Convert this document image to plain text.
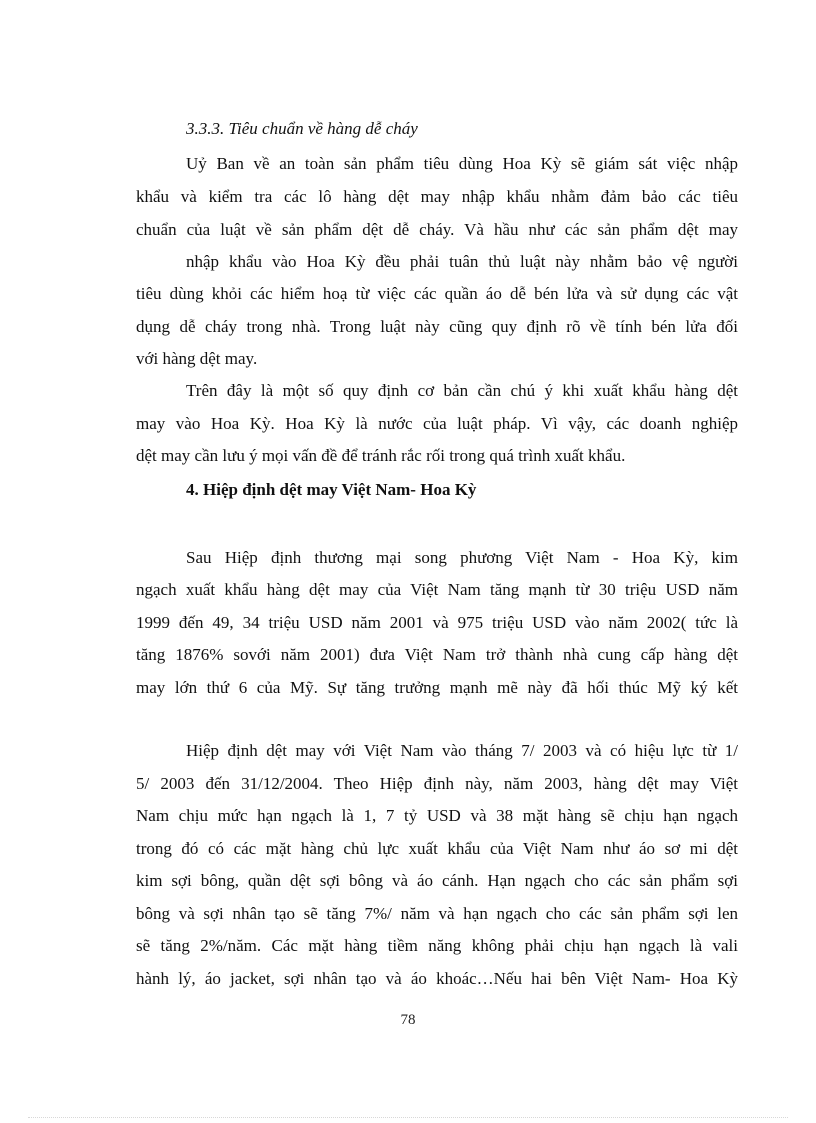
3.3.3. Tiêu chuẩn về hàng dễ cháy
Uỷ Ban về an toàn sản phẩm tiêu dùng Hoa Kỳ sẽ giám sát việc nhập
khẩu và kiểm tra các lô hàng dệt may nhập khẩu nhằm đảm bảo các tiêu
chuẩn của luật về sản phẩm dệt dễ cháy. Và hầu như các sản phẩm dệt may
nhập khẩu vào Hoa Kỳ đều phải tuân thủ luật này nhằm bảo vệ người
tiêu dùng khỏi các hiểm hoạ từ việc các quần áo dễ bén lửa và sử dụng các vật
dụng dễ cháy trong nhà. Trong luật này cũng quy định rõ về tính bén lửa đối
với hàng dệt may.
Trên đây là một số quy định cơ bản cần chú ý khi xuất khẩu hàng dệt
may vào Hoa Kỳ. Hoa Kỳ là nước của luật pháp. Vì vậy, các doanh nghiệp
dệt may cần lưu ý mọi vấn đề để tránh rắc rối trong quá trình xuất khẩu.
4. Hiệp định dệt may Việt Nam- Hoa Kỳ
Sau Hiệp định thương mại song phương Việt Nam - Hoa Kỳ, kim
ngạch xuất khẩu hàng dệt may của Việt Nam tăng mạnh từ 30 triệu USD năm
1999 đến 49, 34 triệu USD năm 2001 và 975 triệu USD vào năm 2002( tức là
tăng 1876% sovới năm 2001) đưa Việt Nam trở thành nhà cung cấp hàng dệt
may lớn thứ 6 của Mỹ. Sự tăng trưởng mạnh mẽ này đã hối thúc Mỹ ký kết
Hiệp định dệt may với Việt Nam vào tháng 7/ 2003 và có hiệu lực từ 1/
5/ 2003 đến 31/12/2004. Theo Hiệp định này, năm 2003, hàng dệt may Việt
Nam chịu mức hạn ngạch là 1, 7 tỷ USD và 38 mặt hàng sẽ chịu hạn ngạch
trong đó có các mặt hàng chủ lực xuất khẩu của Việt Nam như áo sơ mi dệt
kim sợi bông, quần dệt sợi bông và áo cánh. Hạn ngạch cho các sản phẩm sợi
bông và sợi nhân tạo sẽ tăng 7%/ năm và hạn ngạch cho các sản phẩm sợi len
sẽ tăng 2%/năm. Các mặt hàng tiềm năng không phải chịu hạn ngạch là vali
hành lý, áo jacket, sợi nhân tạo và áo khoác…Nếu hai bên Việt Nam- Hoa Kỳ
78
